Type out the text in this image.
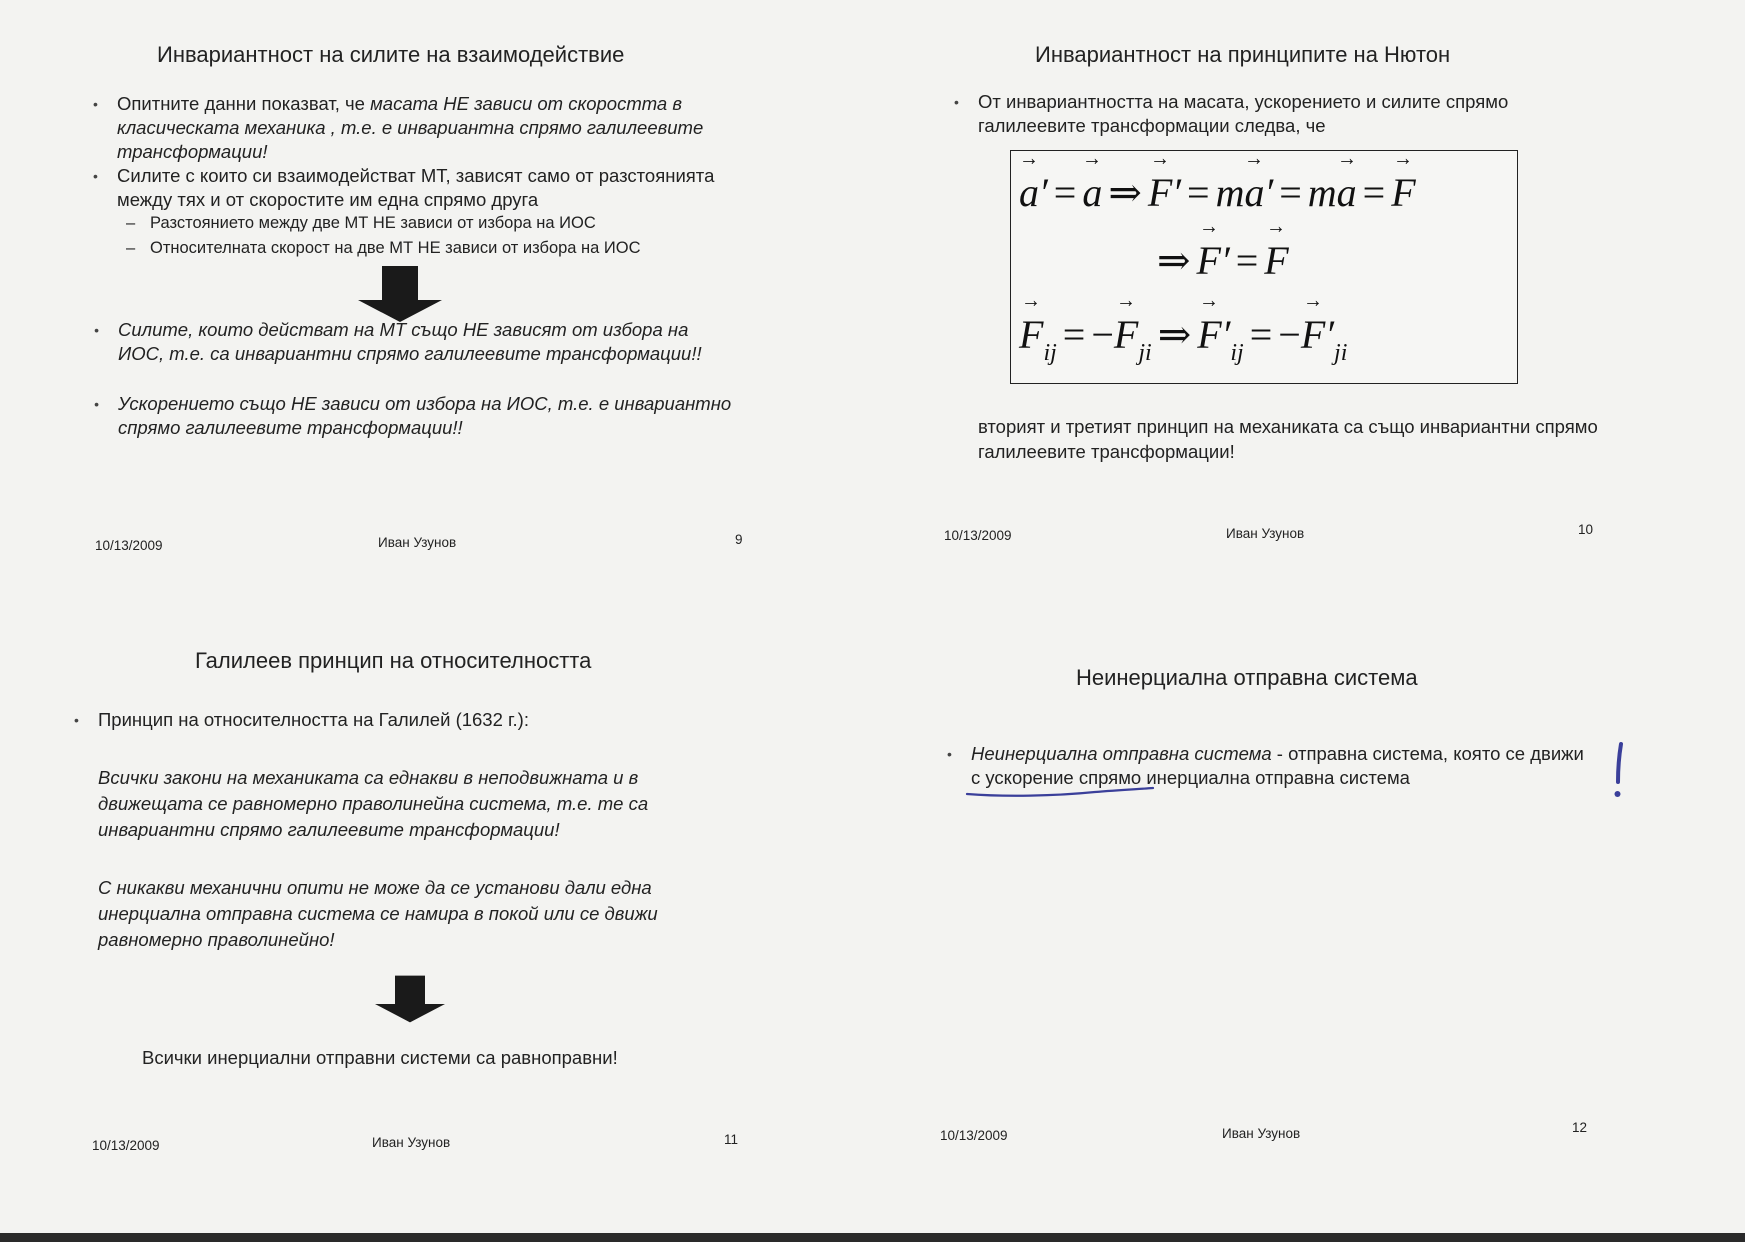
Инвариантност на силите на взаимодействие
• Опитните данни показват, че масата НЕ зависи от скоростта в класическата механика , т.е. е инвариантна спрямо галилеевите трансформации!
• Силите с които си взаимодействат МТ, зависят само от разстоянията между тях и от скоростите им една спрямо друга
– Разстоянието между две МТ НЕ зависи от избора на ИОС
– Относителната скорост на две МТ НЕ зависи от избора на ИОС
• Силите, които действат на МТ също НЕ зависят от избора на ИОС, т.е. са инвариантни спрямо галилеевите трансформации!!
• Ускорението също НЕ зависи от избора на ИОС, т.е. е инвариантно спрямо галилеевите трансформации!!
10/13/2009	Иван Узунов	9
Инвариантност на принципите на Нютон
• От инвариантността на масата, ускорението и силите спрямо галилеевите трансформации следва, че
a →′ = a → ⇒ F →′ = ma →′ = ma → = F →
⇒ F →′ = F →
$F \to_{ij} = -F \to_{ji}$ ⇒ $F \to'_{ij} = -F \to'_{ji}$
вторият и третият принцип на механиката са също инвариантни спрямо галилеевите трансформации!
10/13/2009	Иван Узунов	10
Галилеев принцип на относителността
• Принцип на относителността на Галилей (1632 г.):
Всички закони на механиката са еднакви в неподвижната и в движещата се равномерно праволинейна система, т.е. те са инвариантни спрямо галилеевите трансформации!
С никакви механични опити не може да се установи дали една инерциална отправна система се намира в покой или се движи равномерно праволинейно!
Всички инерциални отправни системи са равноправни!
10/13/2009	Иван Узунов	11
Неинерциална отправна система
• Неинерциална отправна система - отправна система, която се движи с ускорение спрямо инерциална отправна система
10/13/2009	Иван Узунов	12
